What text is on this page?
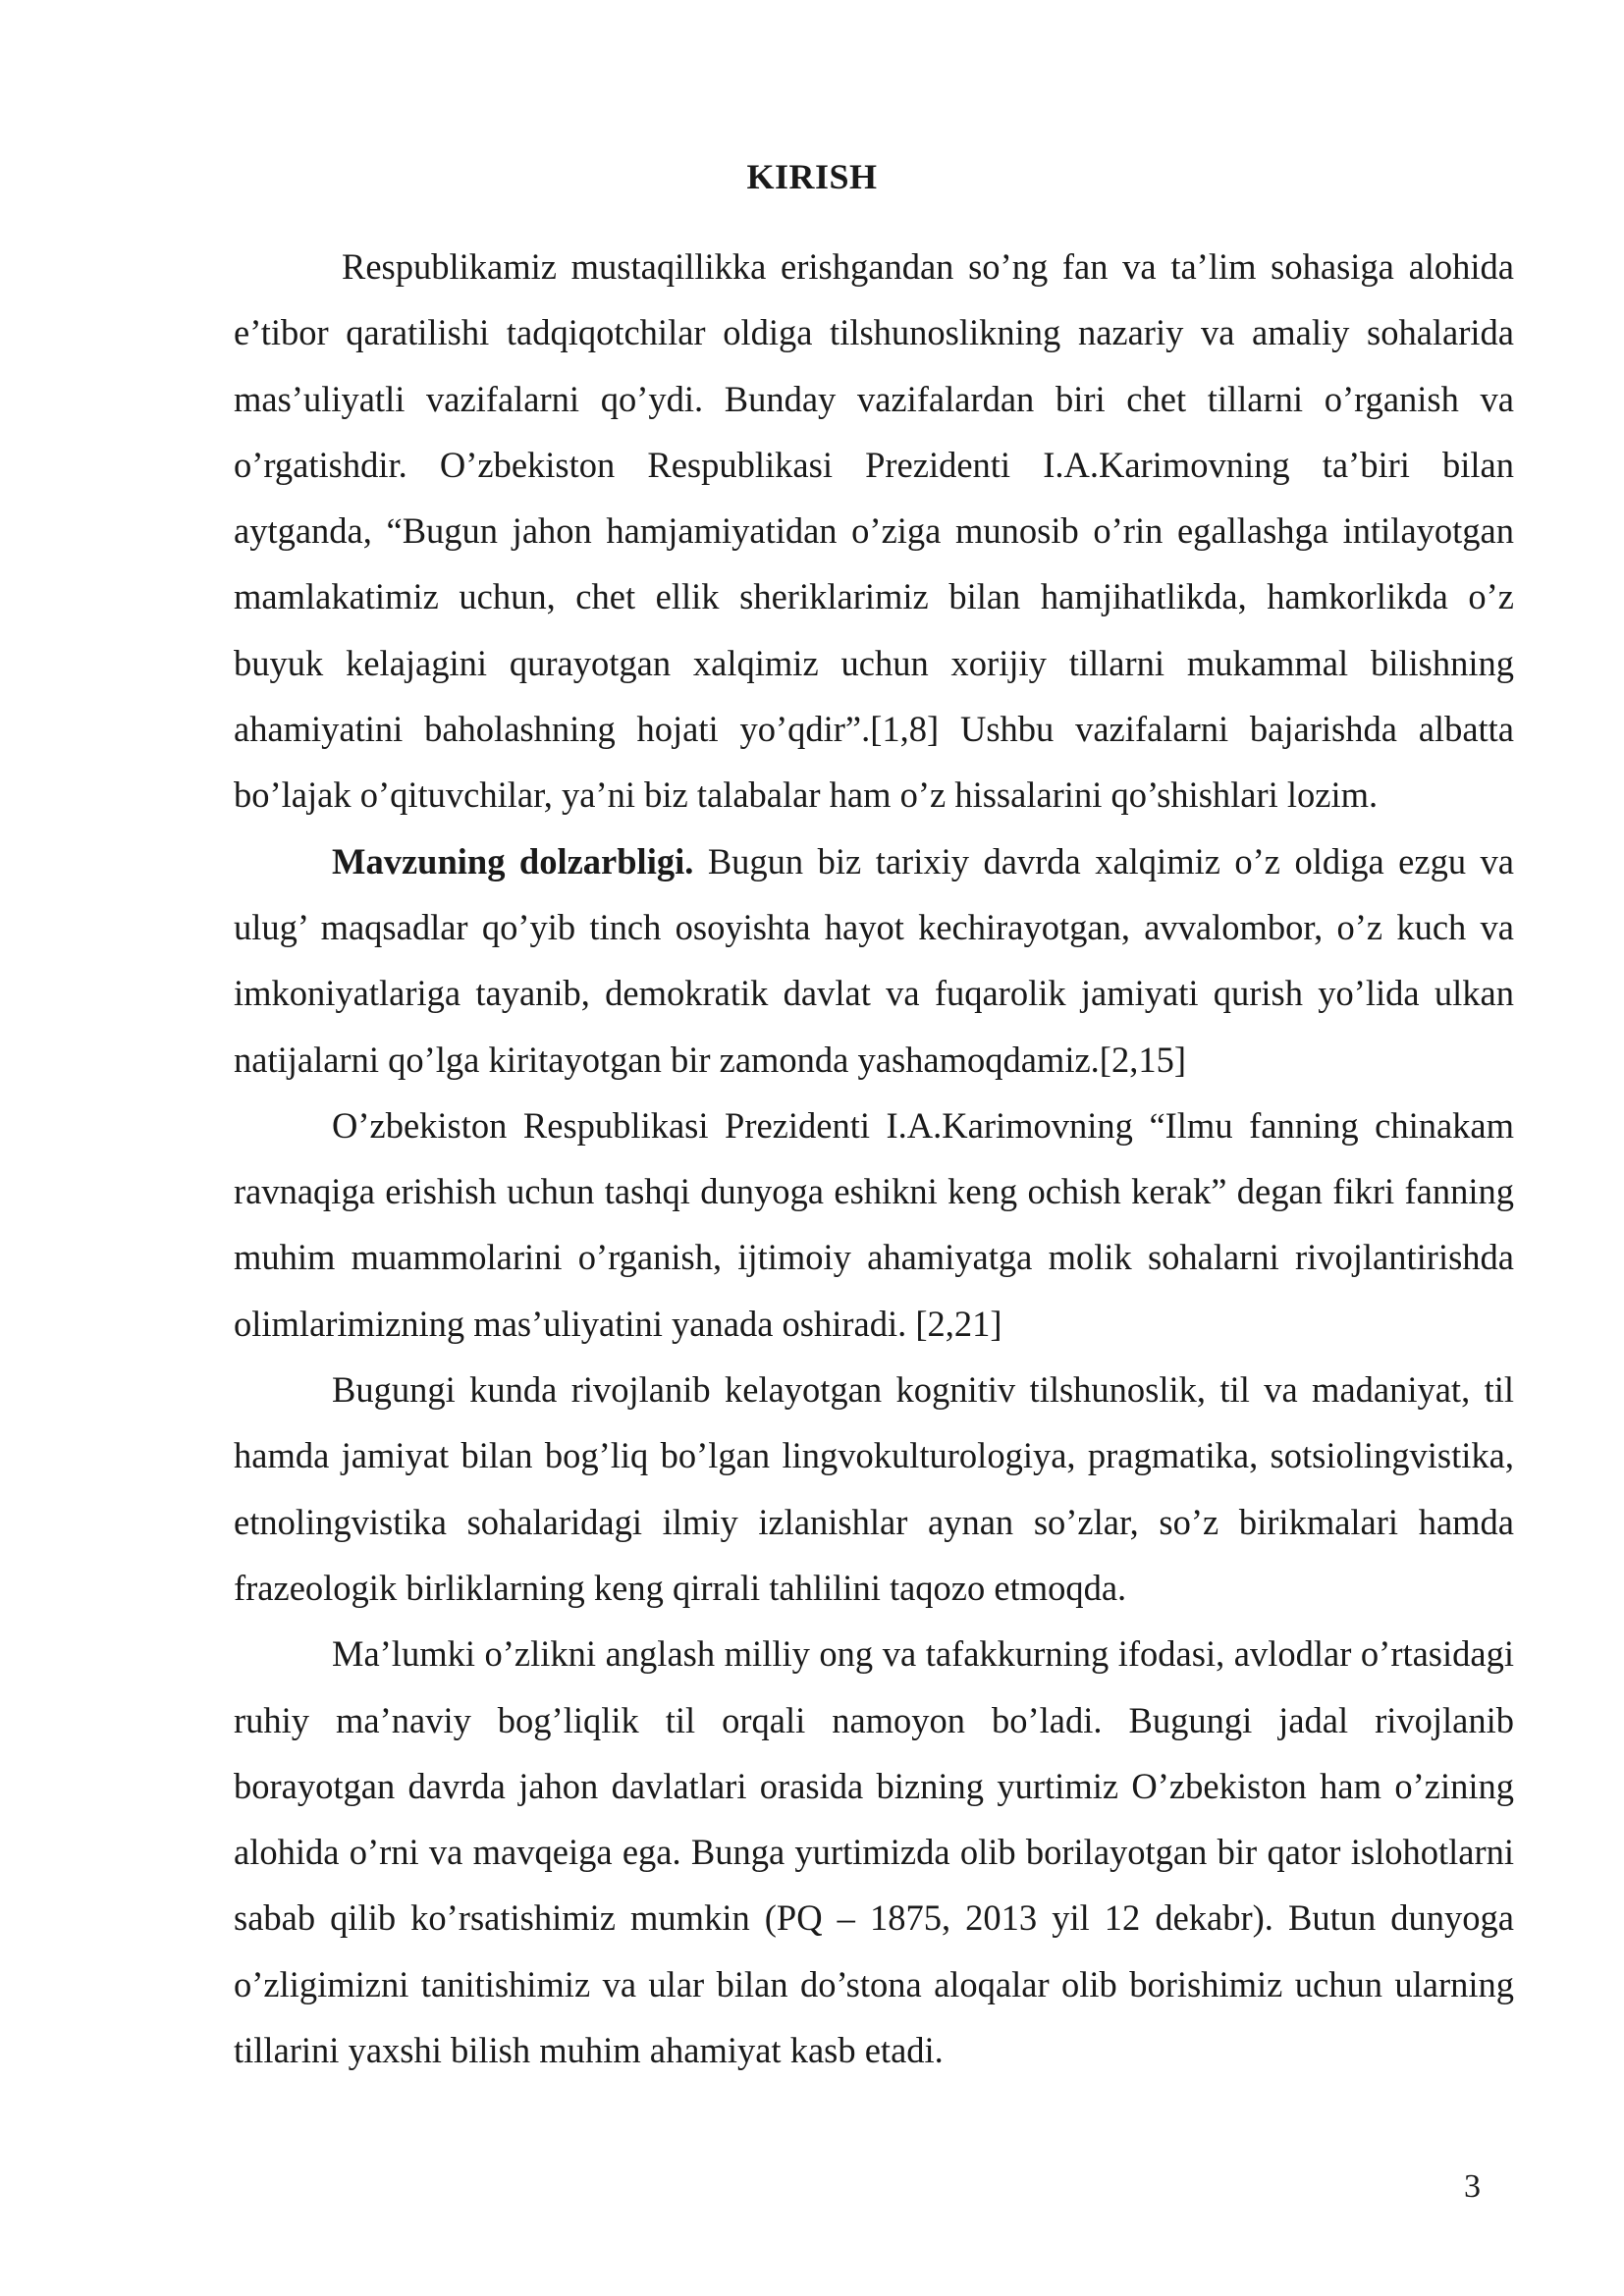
KIRISH

Respublikamiz mustaqillikka erishgandan so’ng fan va ta’lim sohasiga alohida e’tibor qaratilishi tadqiqotchilar oldiga tilshunoslikning nazariy va amaliy sohalarida mas’uliyatli vazifalarni qo’ydi. Bunday vazifalardan biri chet tillarni o’rganish va o’rgatishdir. O’zbekiston Respublikasi Prezidenti I.A.Karimovning ta’biri bilan aytganda, “Bugun jahon hamjamiyatidan o’ziga munosib o’rin egallashga intilayotgan mamlakatimiz uchun, chet ellik sheriklarimiz bilan hamjihatlikda, hamkorlikda o’z buyuk kelajagini qurayotgan xalqimiz uchun xorijiy tillarni mukammal bilishning ahamiyatini baholashning hojati yo’qdir”.[1,8] Ushbu vazifalarni bajarishda albatta bo’lajak o’qituvchilar, ya’ni biz talabalar ham o’z hissalarini qo’shishlari lozim.

Mavzuning dolzarbligi. Bugun biz tarixiy davrda xalqimiz o’z oldiga ezgu va ulug’ maqsadlar qo’yib tinch osoyishta hayot kechirayotgan, avvalombor, o’z kuch va imkoniyatlariga tayanib, demokratik davlat va fuqarolik jamiyati qurish yo’lida ulkan natijalarni qo’lga kiritayotgan bir zamonda yashamoqdamiz.[2,15]

O’zbekiston Respublikasi Prezidenti I.A.Karimovning “Ilmu fanning chinakam ravnaqiga erishish uchun tashqi dunyoga eshikni keng ochish kerak” degan fikri fanning muhim muammolarini o’rganish, ijtimoiy ahamiyatga molik sohalarni rivojlantirishda olimlarimizning mas’uliyatini yanada oshiradi. [2,21]

Bugungi kunda rivojlanib kelayotgan kognitiv tilshunoslik, til va madaniyat, til hamda jamiyat bilan bog’liq bo’lgan lingvokulturologiya, pragmatika, sotsiolingvistika, etnolingvistika sohalaridagi ilmiy izlanishlar aynan so’zlar, so’z birikmalari hamda frazeologik birliklarning keng qirrali tahlilini taqozo etmoqda.

Ma’lumki o’zlikni anglash milliy ong va tafakkurning ifodasi, avlodlar o’rtasidagi ruhiy ma’naviy bog’liqlik til orqali namoyon bo’ladi. Bugungi jadal rivojlanib borayotgan davrda jahon davlatlari orasida bizning yurtimiz O’zbekiston ham o’zining alohida o’rni va mavqeiga ega. Bunga yurtimizda olib borilayotgan bir qator islohotlarni sabab qilib ko’rsatishimiz mumkin (PQ – 1875, 2013 yil 12 dekabr). Butun dunyoga o’zligimizni tanitishimiz va ular bilan do’stona aloqalar olib borishimiz uchun ularning tillarini yaxshi bilish muhim ahamiyat kasb etadi.

3
